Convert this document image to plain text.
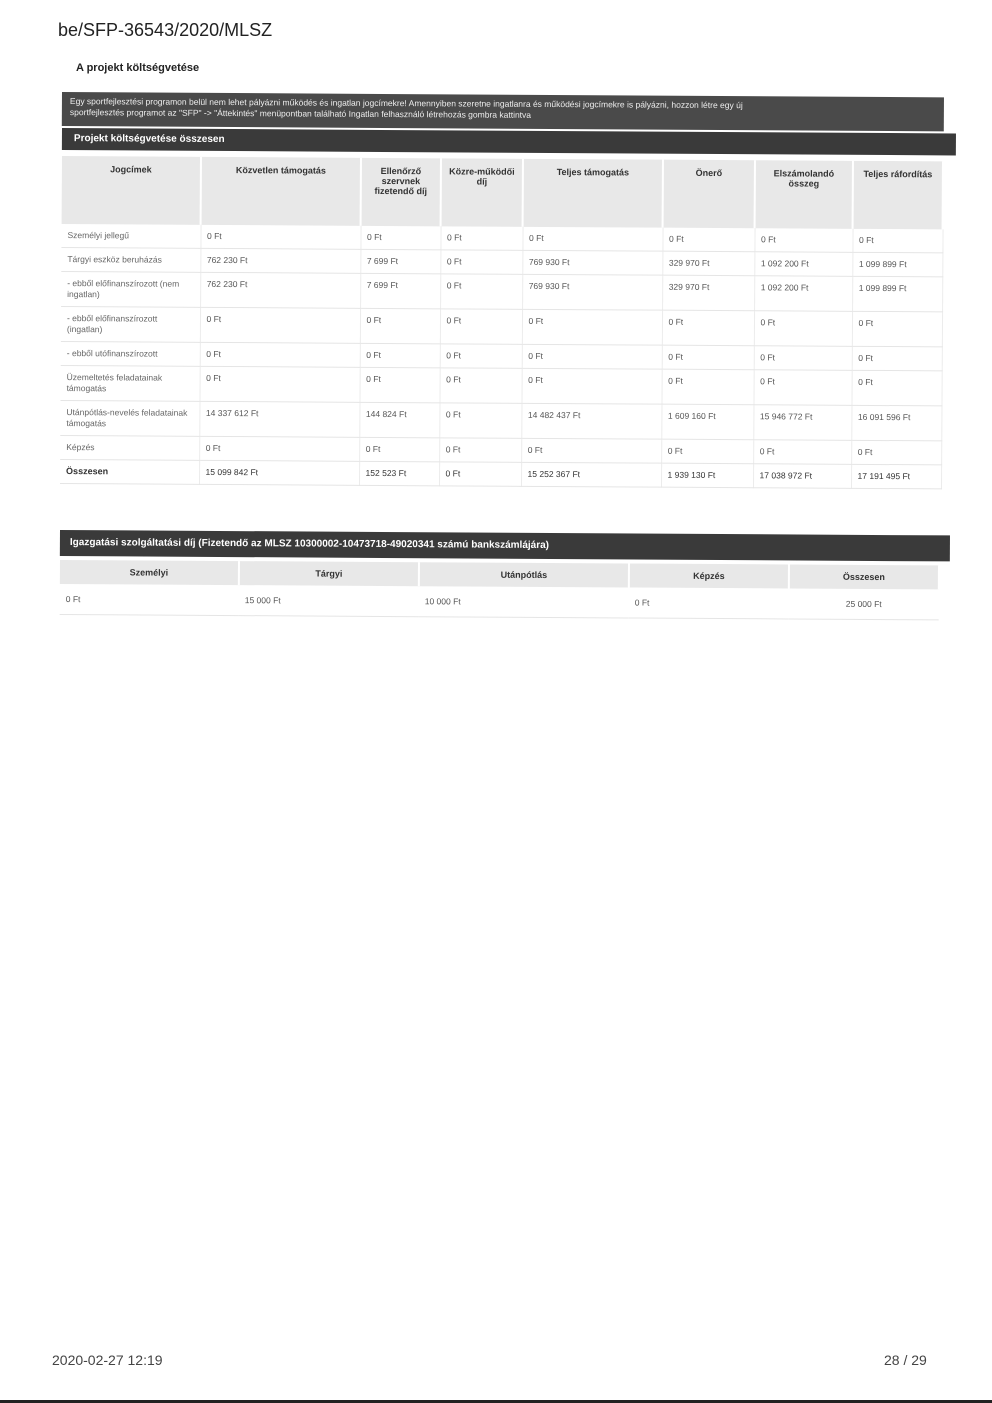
be/SFP-36543/2020/MLSZ
A projekt költségvetése
Egy sportfejlesztési programon belül nem lehet pályázni működés és ingatlan jogcímekre! Amennyiben szeretne ingatlanra és működési jogcímekre is pályázni, hozzon létre egy új
sportfejlesztés programot az "SFP" -> "Áttekintés" menüpontban található Ingatlan felhasználó létrehozás gombra kattintva
Projekt költségvetése összesen
Jogcímek	Közvetlen támogatás	Ellenőrző szervnek fizetendő díj	Közre-működői díj	Teljes támogatás	Önerő	Elszámolandó összeg	Teljes ráfordítás
Személyi jellegű	0 Ft	0 Ft	0 Ft	0 Ft	0 Ft	0 Ft	0 Ft
Tárgyi eszköz beruházás	762 230 Ft	7 699 Ft	0 Ft	769 930 Ft	329 970 Ft	1 092 200 Ft	1 099 899 Ft
- ebből előfinanszírozott (nem ingatlan)	762 230 Ft	7 699 Ft	0 Ft	769 930 Ft	329 970 Ft	1 092 200 Ft	1 099 899 Ft
- ebből előfinanszírozott (ingatlan)	0 Ft	0 Ft	0 Ft	0 Ft	0 Ft	0 Ft	0 Ft
- ebből utófinanszírozott	0 Ft	0 Ft	0 Ft	0 Ft	0 Ft	0 Ft	0 Ft
Üzemeltetés feladatainak támogatás	0 Ft	0 Ft	0 Ft	0 Ft	0 Ft	0 Ft	0 Ft
Utánpótlás-nevelés feladatainak támogatás	14 337 612 Ft	144 824 Ft	0 Ft	14 482 437 Ft	1 609 160 Ft	15 946 772 Ft	16 091 596 Ft
Képzés	0 Ft	0 Ft	0 Ft	0 Ft	0 Ft	0 Ft	0 Ft
Összesen	15 099 842 Ft	152 523 Ft	0 Ft	15 252 367 Ft	1 939 130 Ft	17 038 972 Ft	17 191 495 Ft
Igazgatási szolgáltatási díj (Fizetendő az MLSZ 10300002-10473718-49020341 számú bankszámlájára)
Személyi	Tárgyi	Utánpótlás	Képzés	Összesen
0 Ft	15 000 Ft	10 000 Ft	0 Ft	25 000 Ft
2020-02-27 12:19	28 / 29
